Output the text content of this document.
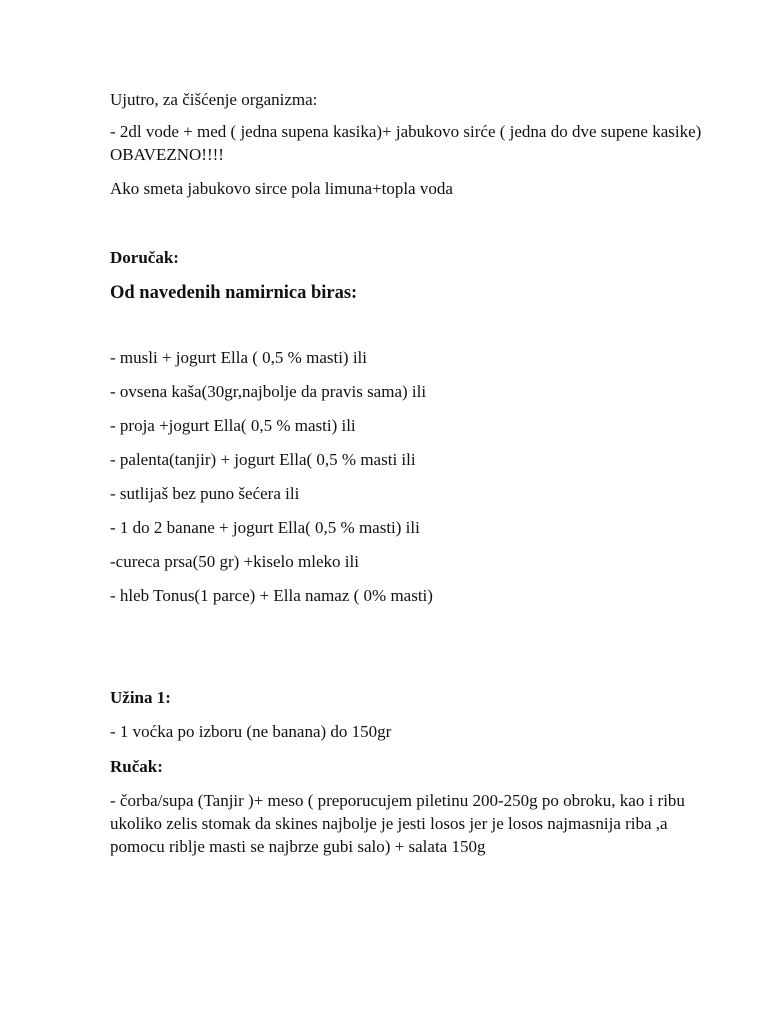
Ujutro, za čišćenje organizma:
- 2dl vode + med ( jedna supena kasika)+ jabukovo sirće ( jedna do dve supene kasike) OBAVEZNO!!!!
Ako smeta jabukovo sirce pola limuna+topla voda
Doručak:
Od navedenih namirnica biras:
- musli + jogurt Ella ( 0,5 % masti) ili
- ovsena kaša(30gr,najbolje da pravis sama) ili
- proja +jogurt Ella( 0,5 % masti) ili
- palenta(tanjir) + jogurt Ella( 0,5 % masti ili
- sutlijaš bez puno šećera ili
- 1 do 2 banane + jogurt Ella( 0,5 % masti) ili
-cureca prsa(50 gr) +kiselo mleko ili
- hleb Tonus(1 parce) + Ella namaz ( 0% masti)
Užina 1:
- 1 voćka po izboru (ne banana) do 150gr
Ručak:
- čorba/supa (Tanjir )+ meso ( preporucujem piletinu 200-250g po obroku, kao i ribu ukoliko zelis stomak da skines najbolje je jesti losos jer je losos najmasnija riba ,a pomocu riblje masti se najbrze gubi salo) + salata 150g
